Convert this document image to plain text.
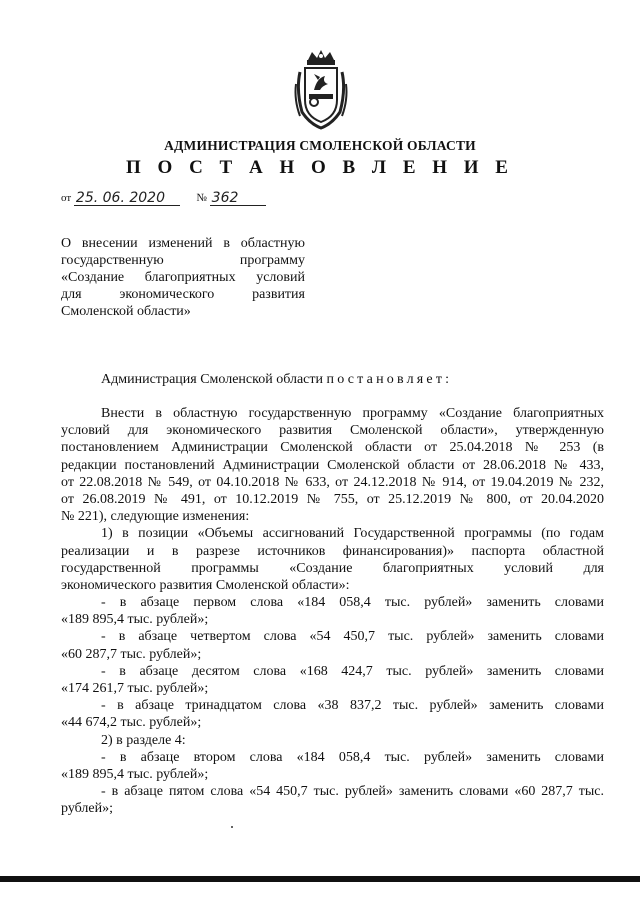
АДМИНИСТРАЦИЯ СМОЛЕНСКОЙ ОБЛАСТИ
П О С Т А Н О В Л Е Н И Е
от 25. 06. 2020	№ 362
О внесении изменений в областную
государственную программу
«Создание благоприятных условий
для экономического развития
Смоленской области»
Администрация Смоленской области постановляет:
Внести в областную государственную программу «Создание благоприятных
условий для экономического развития Смоленской области», утвержденную
постановлением Администрации Смоленской области от 25.04.2018 № 253 (в
редакции постановлений Администрации Смоленской области от 28.06.2018 № 433,
от 22.08.2018 № 549, от 04.10.2018 № 633, от 24.12.2018 № 914, от 19.04.2019 № 232,
от 26.08.2019 № 491, от 10.12.2019 № 755, от 25.12.2019 № 800, от 20.04.2020
№ 221), следующие изменения:
1) в позиции «Объемы ассигнований Государственной программы (по годам
реализации и в разрезе источников финансирования)» паспорта областной
государственной программы «Создание благоприятных условий для
экономического развития Смоленской области»:
- в абзаце первом слова «184 058,4 тыс. рублей» заменить словами
«189 895,4 тыс. рублей»;
- в абзаце четвертом слова «54 450,7 тыс. рублей» заменить словами
«60 287,7 тыс. рублей»;
- в абзаце десятом слова «168 424,7 тыс. рублей» заменить словами
«174 261,7 тыс. рублей»;
- в абзаце тринадцатом слова «38 837,2 тыс. рублей» заменить словами
«44 674,2 тыс. рублей»;
2) в разделе 4:
- в абзаце втором слова «184 058,4 тыс. рублей» заменить словами
«189 895,4 тыс. рублей»;
- в абзаце пятом слова «54 450,7 тыс. рублей» заменить словами «60 287,7 тыс.
рублей»;
